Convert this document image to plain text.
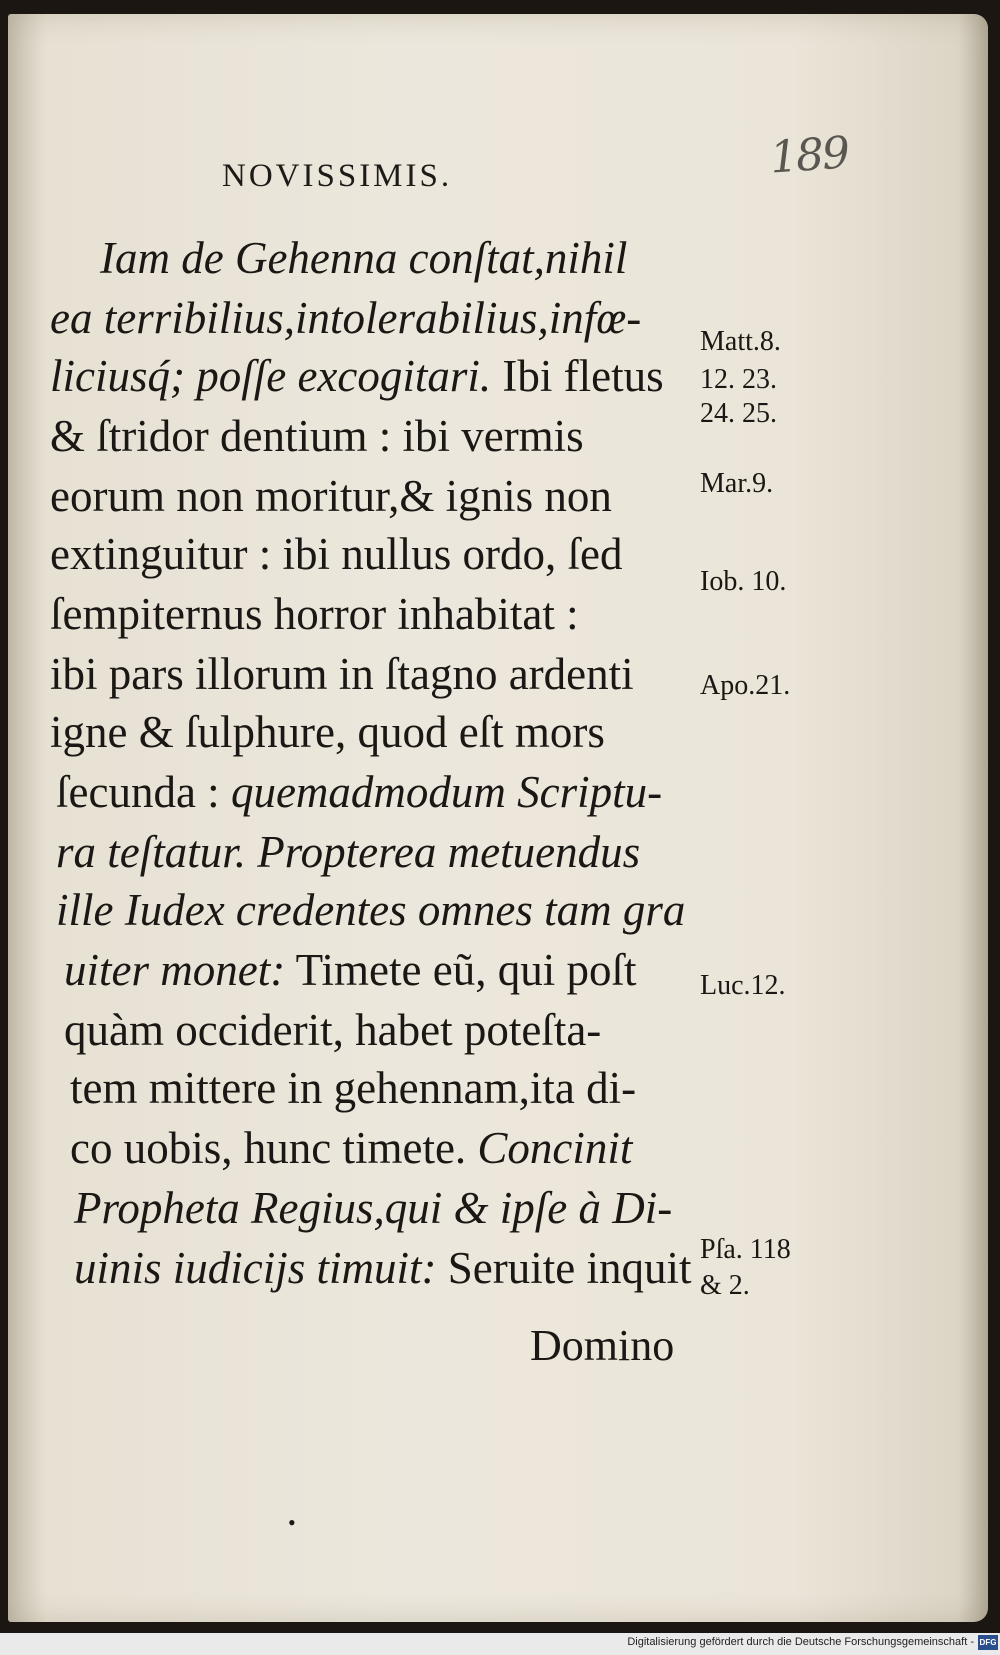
189
NOVISSIMIS.
Iam de Gehenna conſtat,nihil
ea terribilius,intolerabilius,infœ-
liciusq́; poſſe excogitari. Ibi fletus
& ſtridor dentium : ibi vermis
eorum non moritur,& ignis non
extinguitur : ibi nullus ordo, ſed
ſempiternus horror inhabitat :
ibi pars illorum in ſtagno ardenti
igne & ſulphure, quod eſt mors
ſecunda : quemadmodum Scriptu-
ra teſtatur. Propterea metuendus
ille Iudex credentes omnes tam gra
uiter monet: Timete eũ, qui poſt
quàm occiderit, habet poteſta-
tem mittere in gehennam,ita di-
co uobis, hunc timete. Concinit
Propheta Regius,qui & ipſe à Di-
uinis iudicijs timuit: Seruite inquit
Matt.8.
12. 23.
24. 25.
Mar.9.
Iob. 10.
Apo.21.
Luc.12.
Pſa. 118
& 2.
Domino
•
Digitalisierung gefördert durch die Deutsche Forschungsgemeinschaft - DFG
